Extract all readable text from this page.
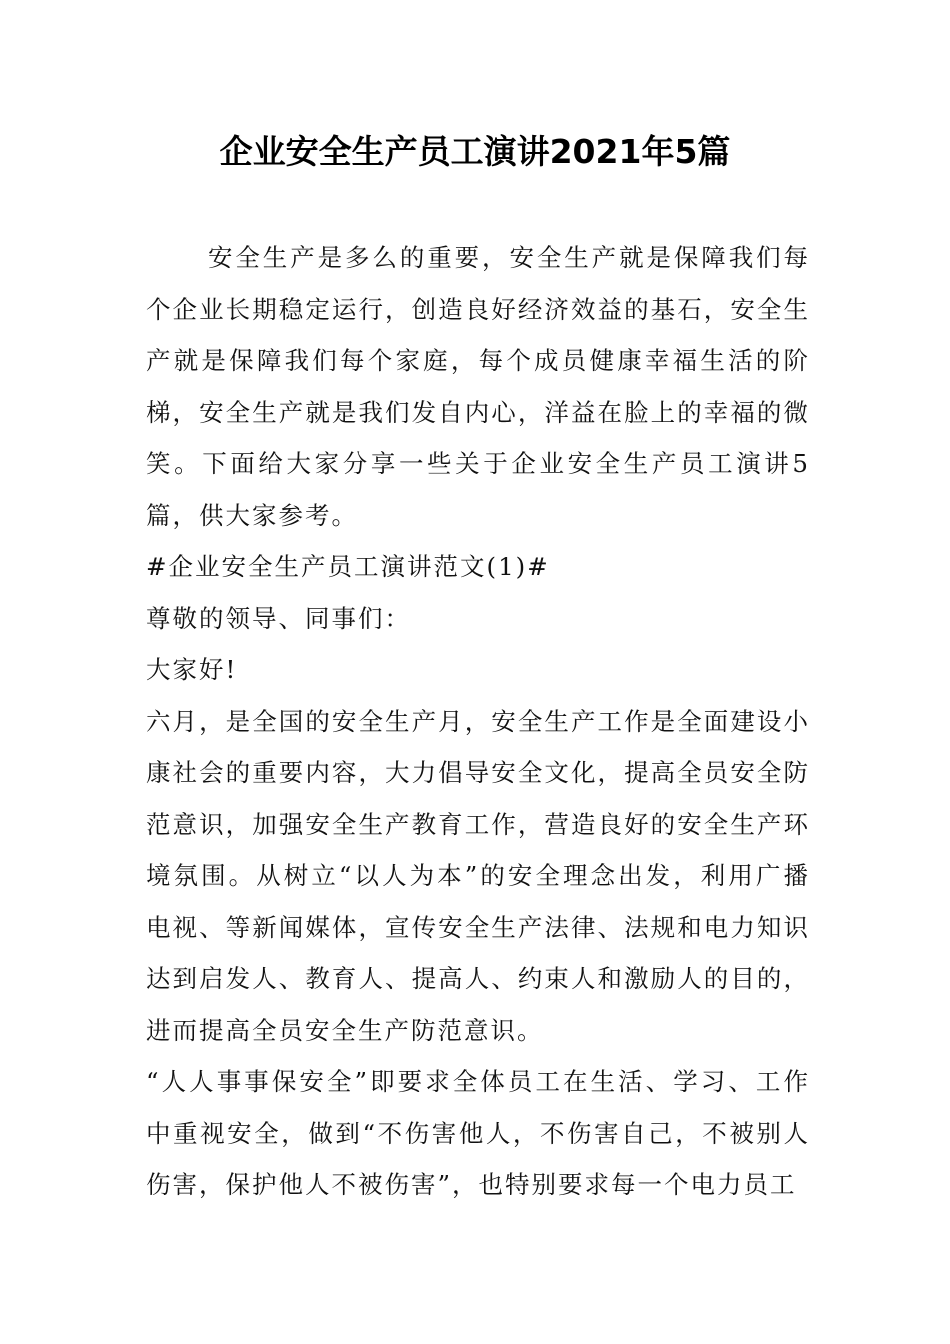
企业安全生产员工演讲2021年5篇

安全生产是多么的重要，安全生产就是保障我们每个企业长期稳定运行，创造良好经济效益的基石，安全生产就是保障我们每个家庭，每个成员健康幸福生活的阶梯，安全生产就是我们发自内心，洋益在脸上的幸福的微笑。下面给大家分享一些关于企业安全生产员工演讲5篇，供大家参考。

#企业安全生产员工演讲范文(1)#

尊敬的领导、同事们：

大家好!

六月，是全国的安全生产月，安全生产工作是全面建设小康社会的重要内容，大力倡导安全文化，提高全员安全防范意识，加强安全生产教育工作，营造良好的安全生产环境氛围。从树立“以人为本”的安全理念出发，利用广播电视、等新闻媒体，宣传安全生产法律、法规和电力知识达到启发人、教育人、提高人、约束人和激励人的目的，进而提高全员安全生产防范意识。

“人人事事保安全”即要求全体员工在生活、学习、工作中重视安全，做到“不伤害他人，不伤害自己，不被别人伤害，保护他人不被伤害”，也特别要求每一个电力员工
